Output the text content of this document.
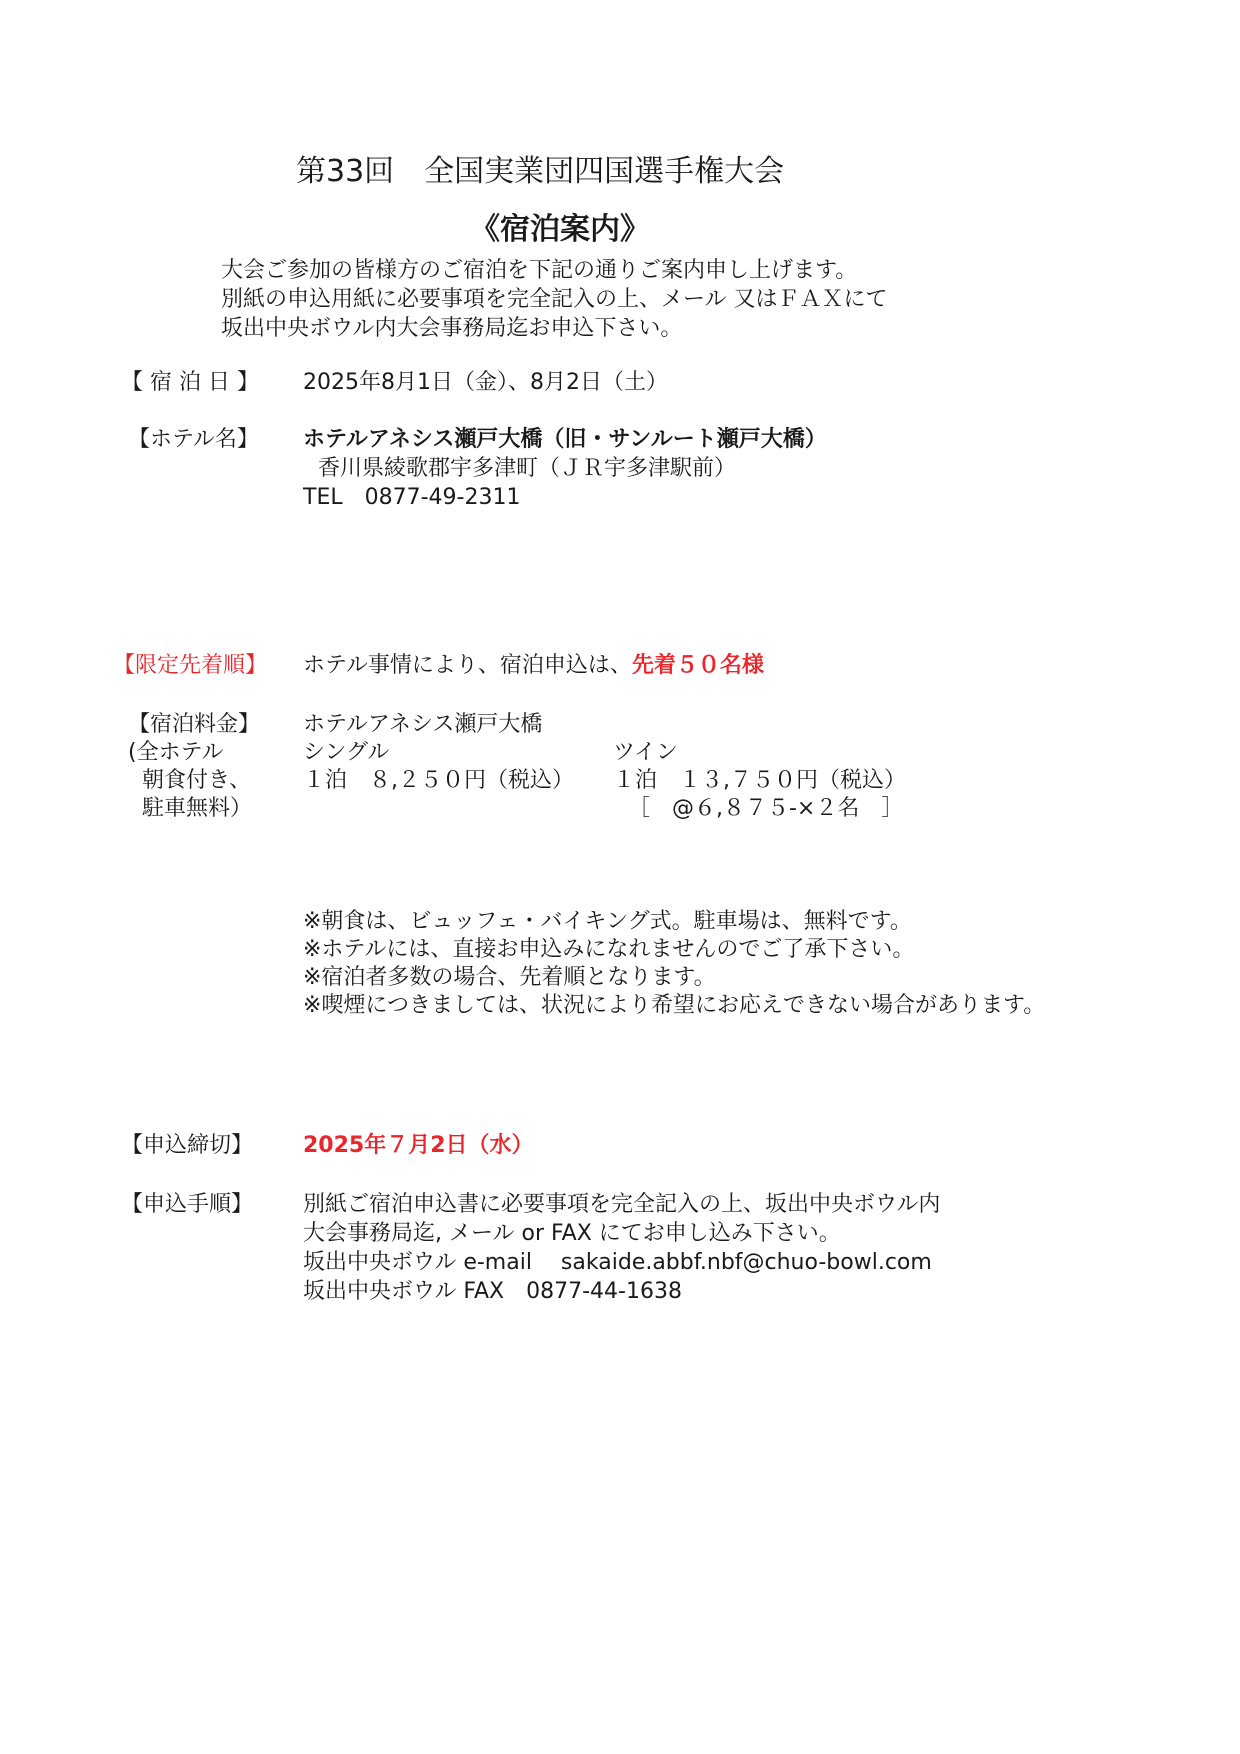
第33回　全国実業団四国選手権大会
《宿泊案内》
大会ご参加の皆様方のご宿泊を下記の通りご案内申し上げます。
別紙の申込用紙に必要事項を完全記入の上、メール 又はＦＡＸにて
坂出中央ボウル内大会事務局迄お申込下さい。
【 宿 泊 日 】 2025年8月1日（金）、8月2日（土）
【ホテル名】 ホテルアネシス瀬戸大橋（旧・サンルート瀬戸大橋）
香川県綾歌郡宇多津町（ＪＲ宇多津駅前）
TEL　0877-49-2311
【限定先着順】 ホテル事情により、宿泊申込は、先着５０名様
【宿泊料金】
(全ホテル
朝食付き、
駐車無料）
ホテルアネシス瀬戸大橋
シングル
１泊　８,２５０円（税込）
ツイン
１泊　１３,７５０円（税込）
［　@６,８７５-×２名　］
※朝食は、ビュッフェ・バイキング式。駐車場は、無料です。
※ホテルには、直接お申込みになれませんのでご了承下さい。
※宿泊者多数の場合、先着順となります。
※喫煙につきましては、状況により希望にお応えできない場合があります。
【申込締切】 2025年７月2日（水）
【申込手順】 別紙ご宿泊申込書に必要事項を完全記入の上、坂出中央ボウル内
大会事務局迄, メール or FAX にてお申し込み下さい。
坂出中央ボウル e-mail　 sakaide.abbf.nbf@chuo-bowl.com
坂出中央ボウル FAX　0877-44-1638
